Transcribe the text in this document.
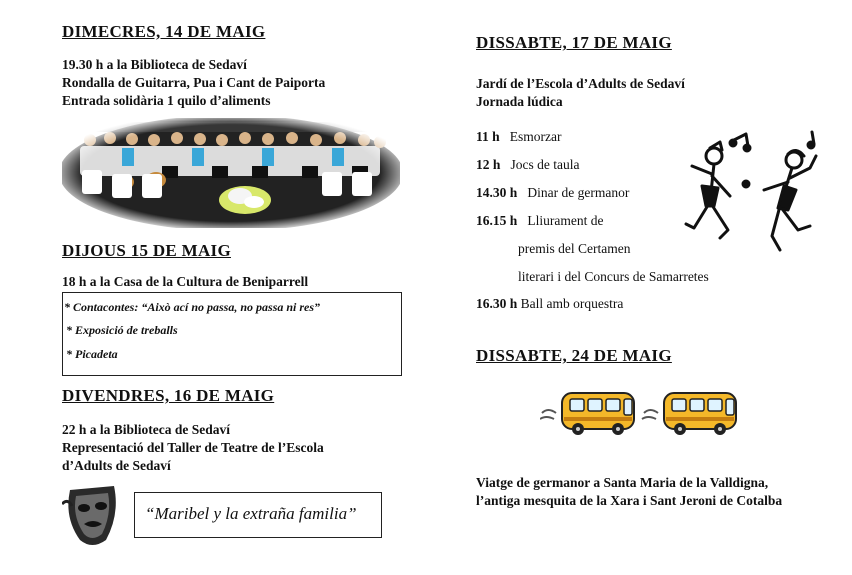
DIMECRES, 14 DE MAIG
19.30 h a la Biblioteca de Sedaví
Rondalla de Guitarra, Pua i Cant de Paiporta
Entrada solidària 1 quilo d’aliments
DIJOUS 15 DE MAIG
18 h a la Casa de la Cultura de Beniparrell
* Contacontes: “Això ací no passa, no passa ni res”
* Exposició de treballs
* Picadeta
DIVENDRES, 16 DE MAIG
22 h a la Biblioteca de Sedaví
Representació del Taller de Teatre de l’Escola
d’Adults de Sedaví
“Maribel y la extraña familia”
DISSABTE, 17 DE MAIG
Jardí de l’Escola d’Adults de Sedaví
Jornada lúdica
11 h Esmorzar
12 h Jocs de taula
14.30 h Dinar de germanor
16.15 h Lliurament de
premis del Certamen
literari i del Concurs de Samarretes
16.30 h Ball amb orquestra
DISSABTE, 24 DE MAIG
Viatge de germanor a Santa Maria de la Valldigna,
l’antiga mesquita de la Xara i Sant Jeroni de Cotalba
